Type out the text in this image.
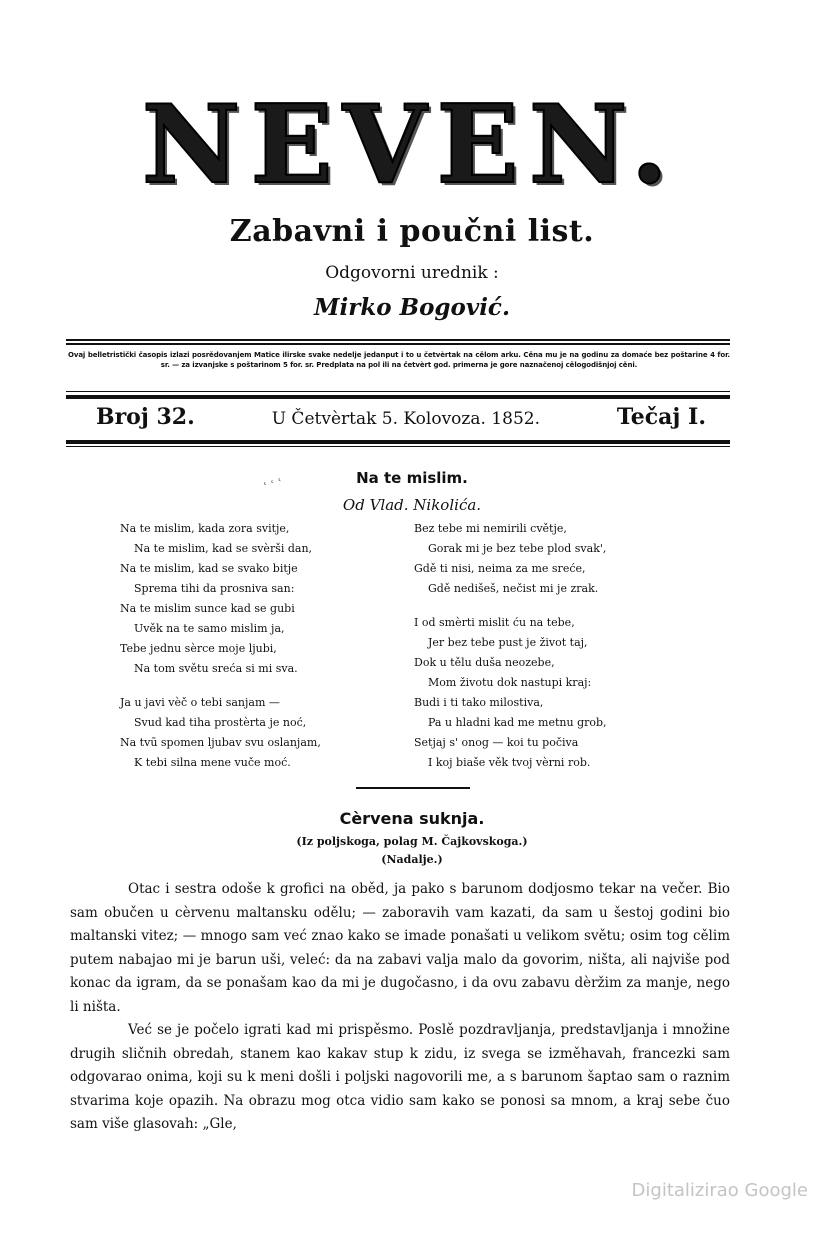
NEVEN.
Zabavni i poučni list.
Odgovorni urednik :
Mirko Bogović.
Ovaj belletristički časopis izlazi posrědovanjem Matice ilirske svake nedelje jedanput i to u četvèrtak na cělom arku. Cěna mu je na godinu za domaće bez poštarine 4 for. sr. — za izvanjske s poštarinom 5 for. sr. Predplata na pol ili na četvèrt god. primerna je gore naznačenoj cělogodišnjoj cěni.
Broj 32.	U Četvèrtak 5. Kolovoza. 1852.	Tečaj I.
ʿ ʿ ʿ	Na te mislim.
Od Vlad. Nikolića.
Na te mislim, kada zora svitje,
Na te mislim, kad se svèrši dan,
Na te mislim, kad se svako bitje
Sprema tihi da prosniva san:
Na te mislim sunce kad se gubi
Uvěk na te samo mislim ja,
Tebe jednu sèrce moje ljubi,
Na tom světu sreća si mi sva.
Ja u javi vèč o tebi sanjam —
Svud kad tiha prostèrta je noć,
Na tvū spomen ljubav svu oslanjam,
K tebi silna mene vuče moć.
Bez tebe mi nemirili cvětje,
Gorak mi je bez tebe plod svak',
Gdě ti nisi, neima za me sreće,
Gdě nedišeš, nečist mi je zrak.
I od smèrti mislit ću na tebe,
Jer bez tebe pust je život taj,
Dok u tělu duša neozebe,
Mom životu dok nastupi kraj:
Budi i ti tako milostiva,
Pa u hladni kad me metnu grob,
Setjaj s' onog — koi tu počiva
I koj biaše věk tvoj vèrni rob.
Cèrvena suknja.
(Iz poljskoga, polag M. Čajkovskoga.)
(Nadalje.)

Otac i sestra odoše k grofici na oběd, ja pako s barunom dodjosmo tekar na večer. Bio sam obučen u cèrvenu maltansku odělu; — zaboravih vam kazati, da sam u šestoj godini bio maltanski vitez; — mnogo sam već znao kako se imade ponašati u velikom světu; osim tog cělim putem nabajao mi je barun uši, veleć: da na zabavi valja malo da govorim, ništa, ali najviše pod konac da igram, da se ponašam kao da mi je dugočasno, i da ovu zabavu dèržim za manje, nego li ništa.

Već se je počelo igrati kad mi prispěsmo. Poslě pozdravljanja, predstavljanja i množine drugih sličnih obredah, stanem kao kakav stup k zidu, iz svega se izměhavah, francezki sam odgovarao onima, koji su k meni došli i poljski nagovorili me, a s barunom šaptao sam o raznim stvarima koje opazih. Na obrazu mog otca vidio sam kako se ponosi sa mnom, a kraj sebe čuo sam više glasovah: „Gle,

Digitalizirao Google
